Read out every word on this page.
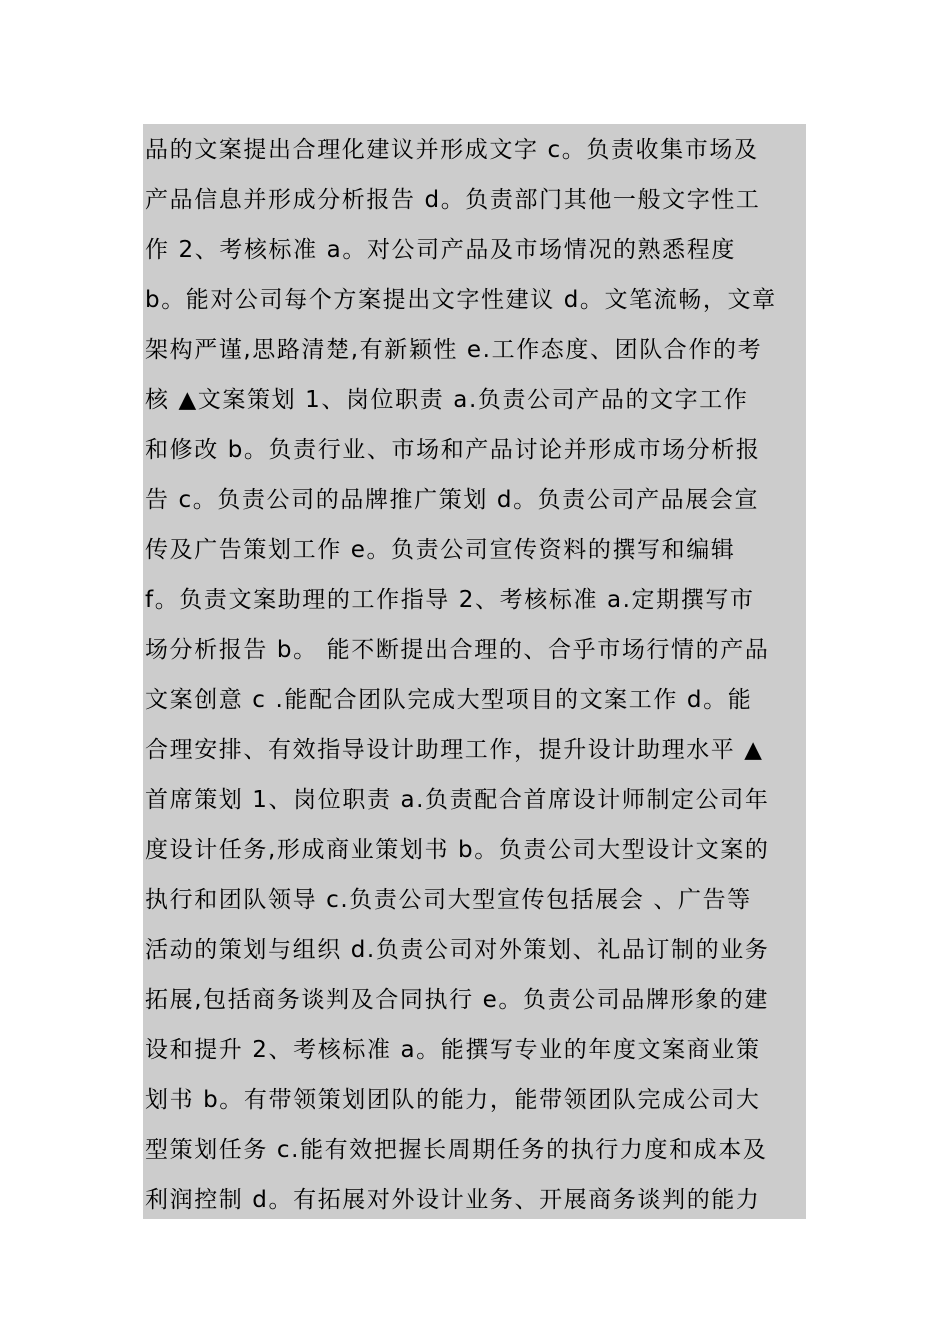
品的文案提出合理化建议并形成文字 c。负责收集市场及
产品信息并形成分析报告 d。负责部门其他一般文字性工
作 2、考核标准 a。对公司产品及市场情况的熟悉程度
b。能对公司每个方案提出文字性建议 d。文笔流畅，文章
架构严谨,思路清楚,有新颖性 e.工作态度、团队合作的考
核 ▲文案策划 1、岗位职责 a.负责公司产品的文字工作
和修改 b。负责行业、市场和产品讨论并形成市场分析报
告 c。负责公司的品牌推广策划 d。负责公司产品展会宣
传及广告策划工作 e。负责公司宣传资料的撰写和编辑
f。负责文案助理的工作指导 2、考核标准 a.定期撰写市
场分析报告 b。 能不断提出合理的、合乎市场行情的产品
文案创意 c .能配合团队完成大型项目的文案工作 d。能
合理安排、有效指导设计助理工作，提升设计助理水平 ▲
首席策划 1、岗位职责 a.负责配合首席设计师制定公司年
度设计任务,形成商业策划书 b。负责公司大型设计文案的
执行和团队领导 c.负责公司大型宣传包括展会 、广告等
活动的策划与组织 d.负责公司对外策划、礼品订制的业务
拓展,包括商务谈判及合同执行 e。负责公司品牌形象的建
设和提升 2、考核标准 a。能撰写专业的年度文案商业策
划书 b。有带领策划团队的能力，能带领团队完成公司大
型策划任务 c.能有效把握长周期任务的执行力度和成本及
利润控制 d。有拓展对外设计业务、开展商务谈判的能力
